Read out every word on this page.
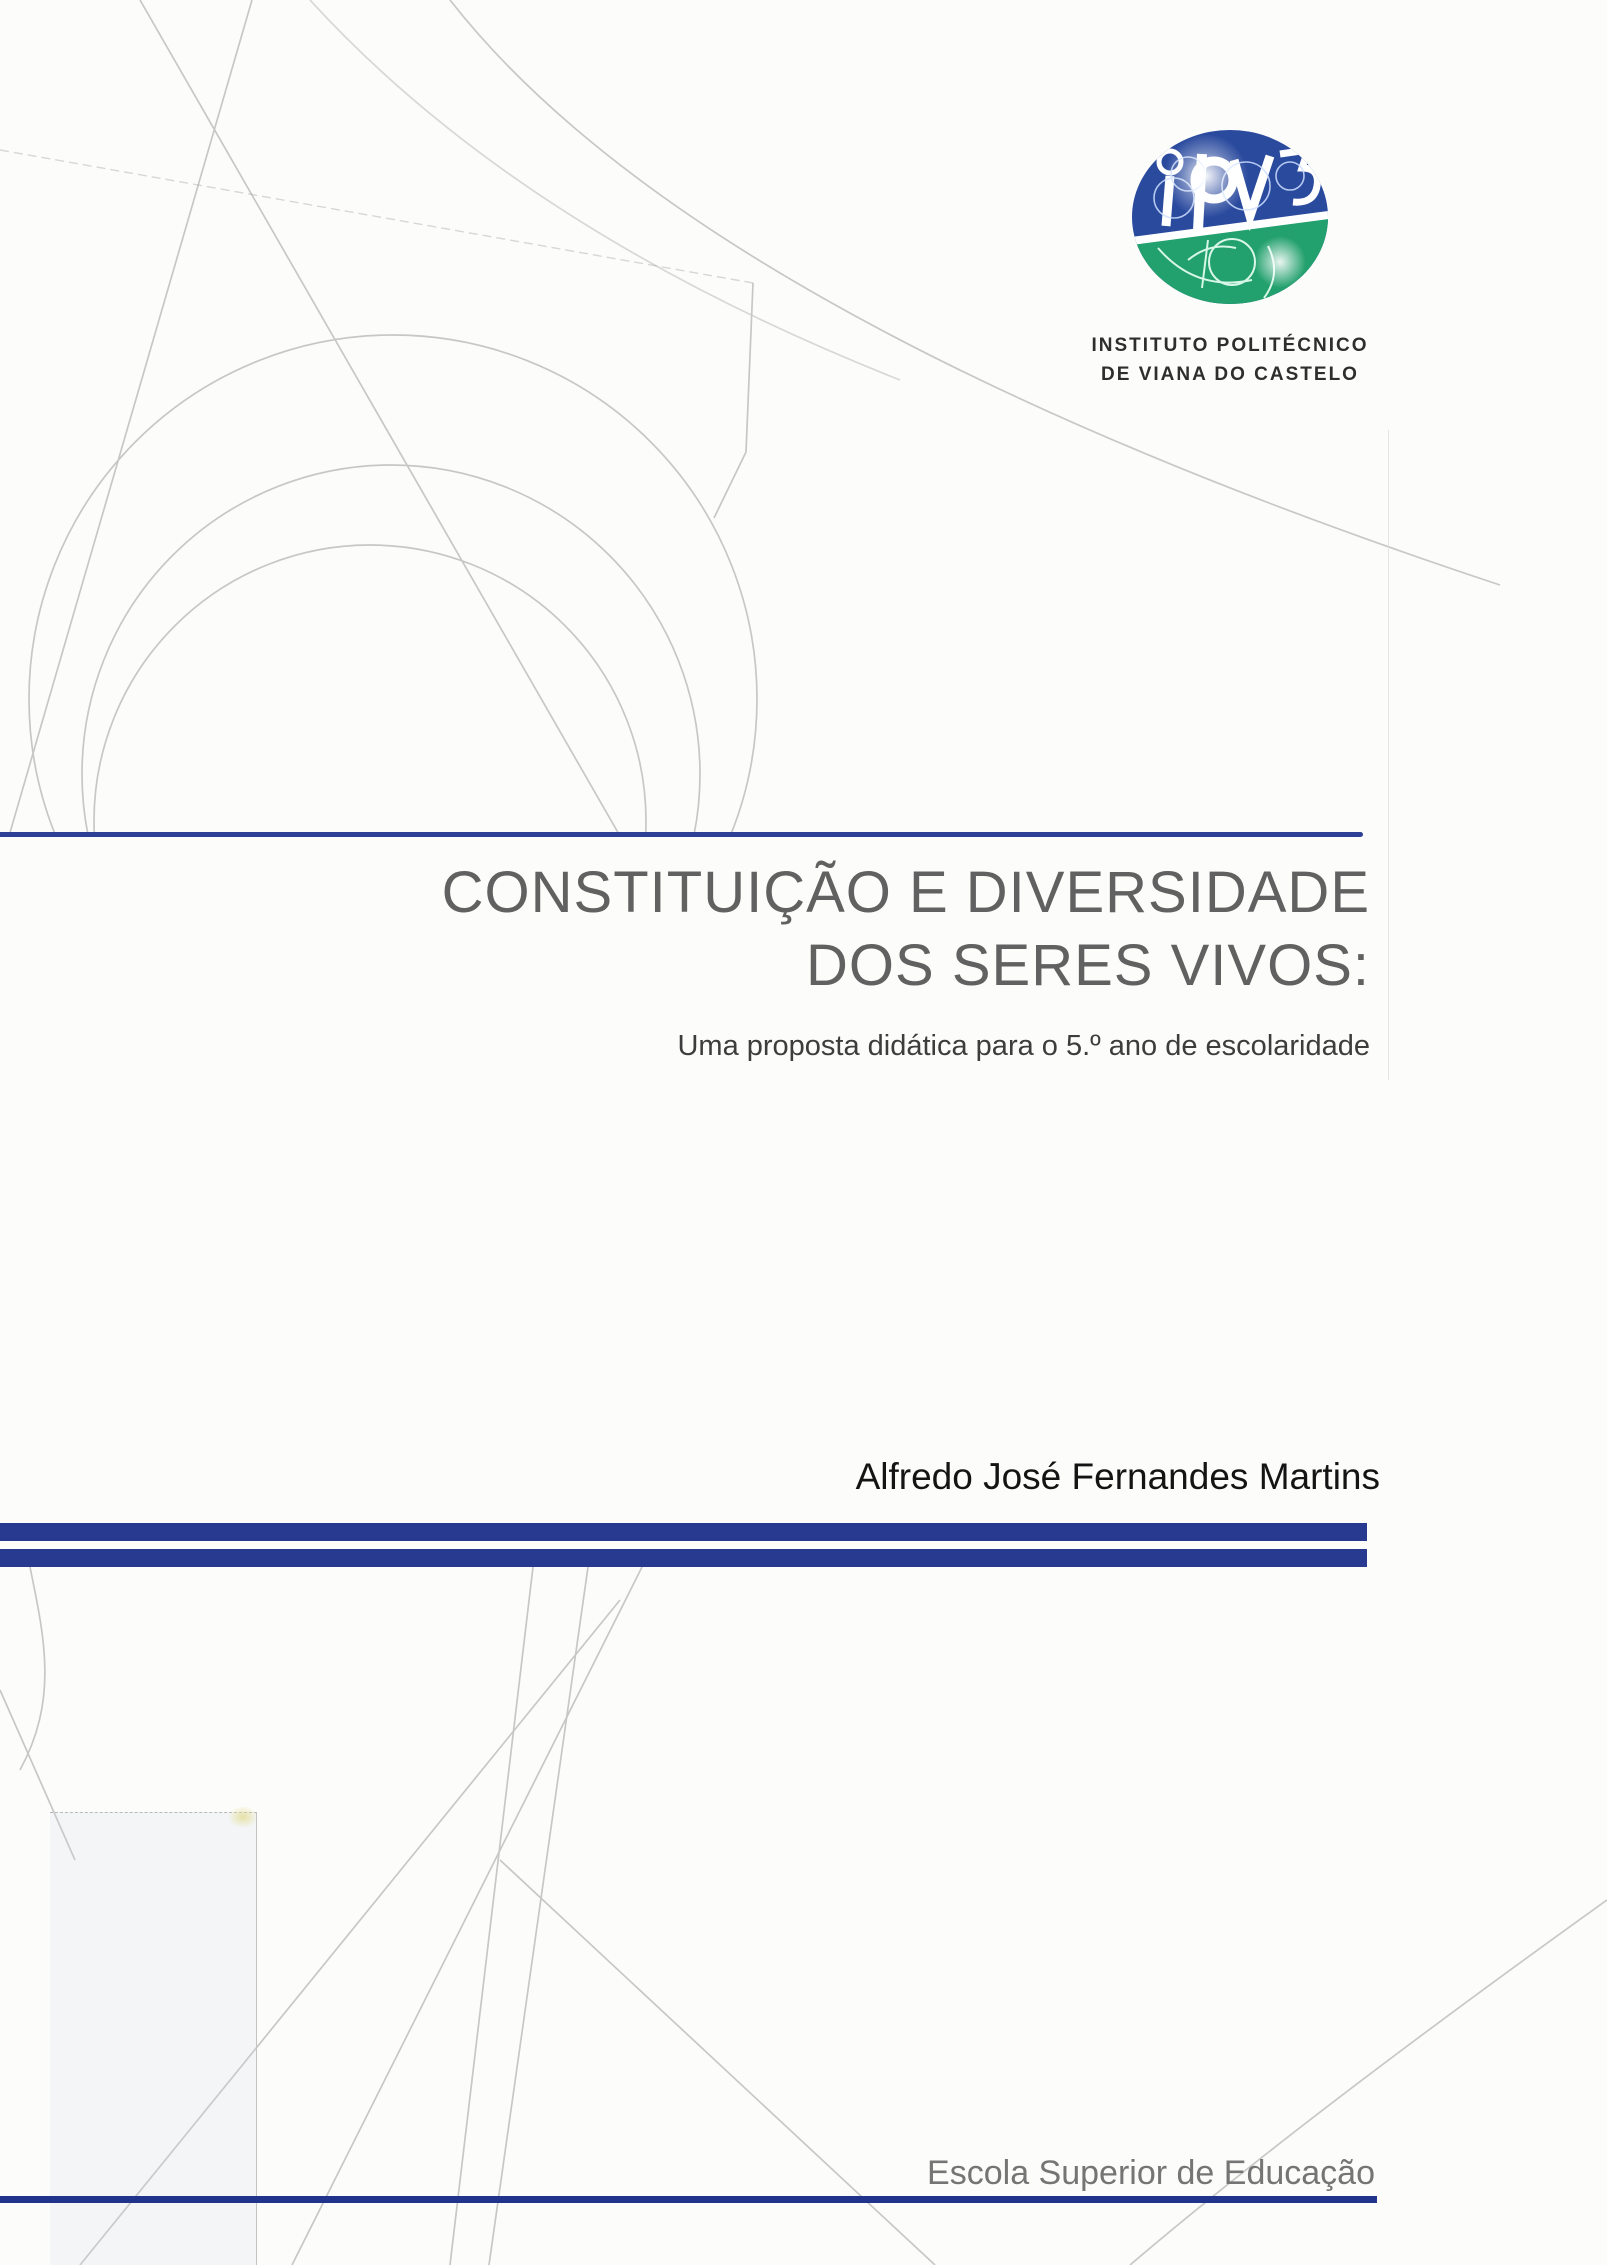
INSTITUTO POLITÉCNICO
DE VIANA DO CASTELO
CONSTITUIÇÃO E DIVERSIDADE
DOS SERES VIVOS:
Uma proposta didática para o 5.º ano de escolaridade
Alfredo José Fernandes Martins
Escola Superior de Educação
